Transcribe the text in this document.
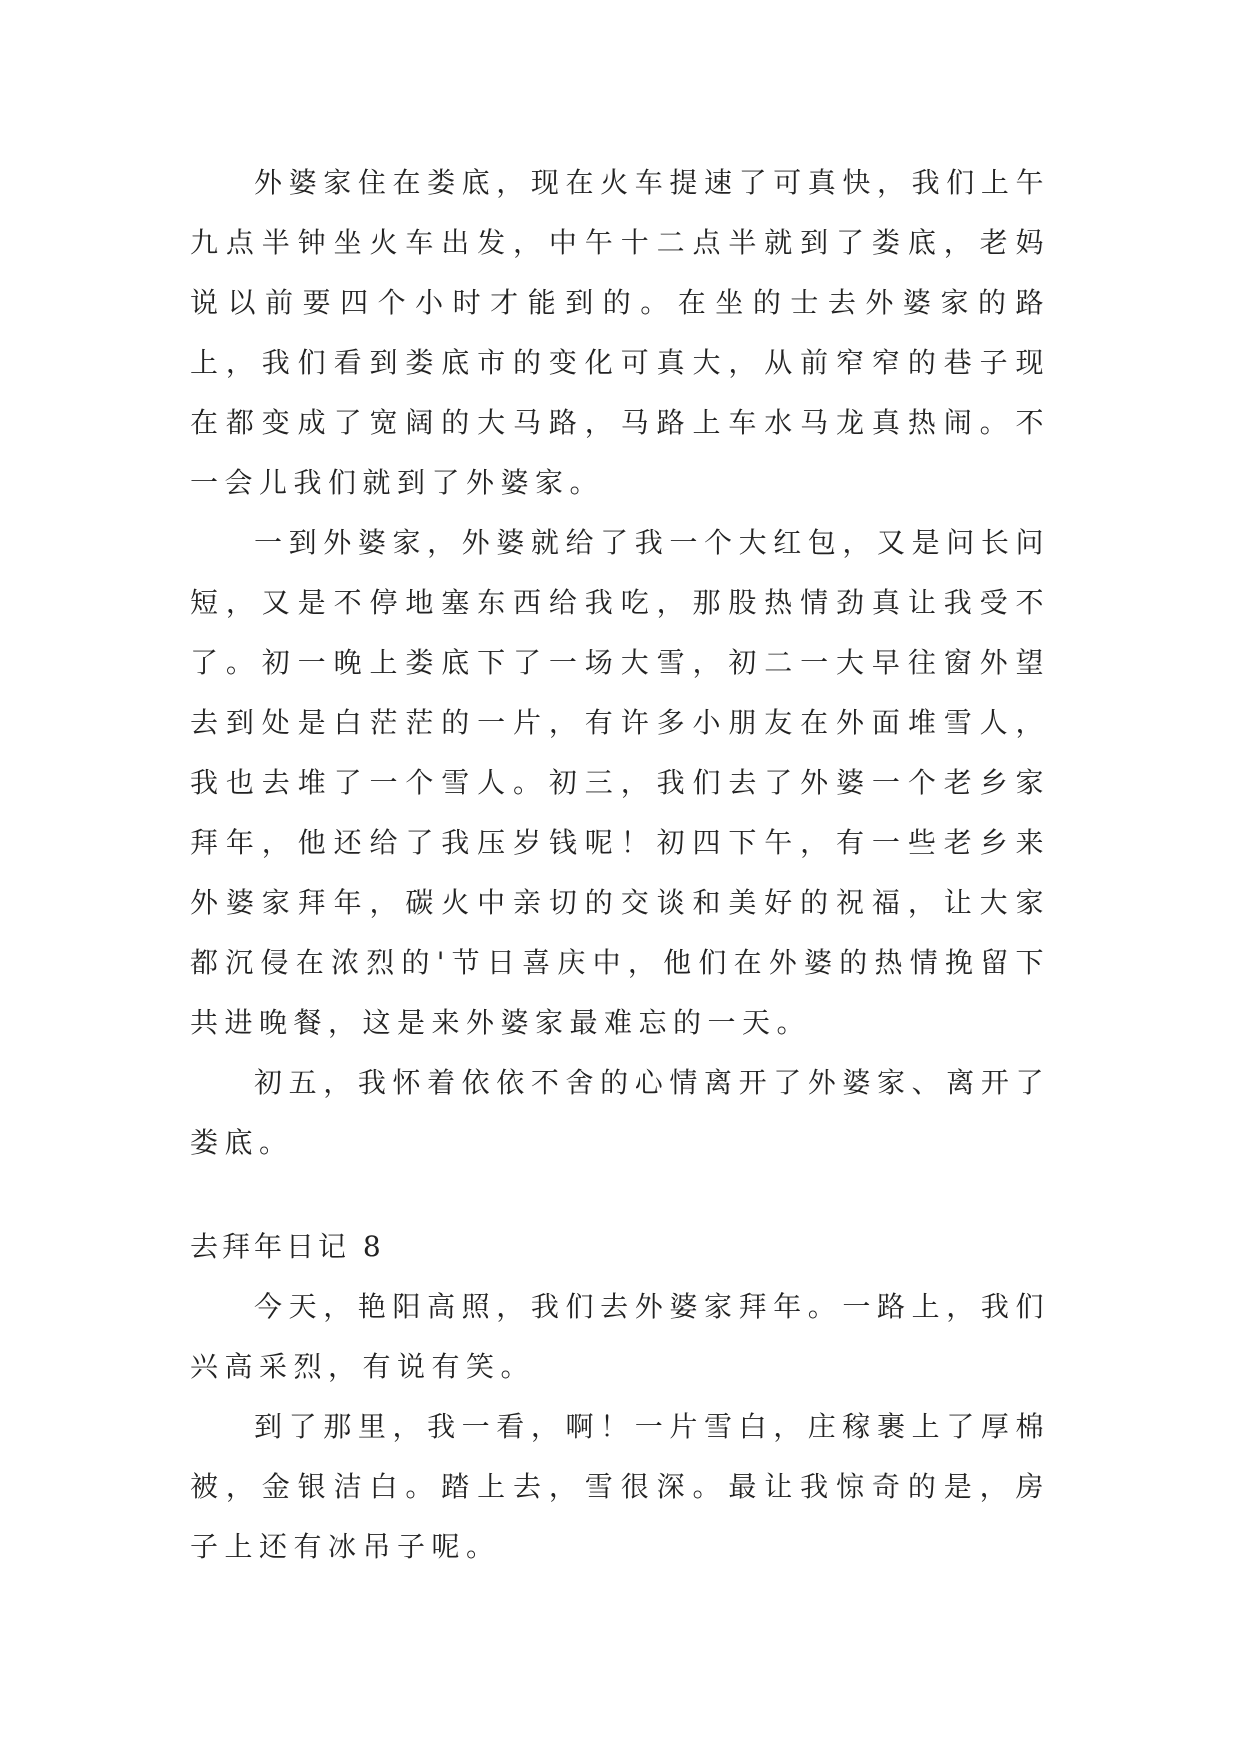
外婆家住在娄底，现在火车提速了可真快，我们上午九点半钟坐火车出发，中午十二点半就到了娄底，老妈说以前要四个小时才能到的。在坐的士去外婆家的路上，我们看到娄底市的变化可真大，从前窄窄的巷子现在都变成了宽阔的大马路，马路上车水马龙真热闹。不一会儿我们就到了外婆家。

一到外婆家，外婆就给了我一个大红包，又是问长问短，又是不停地塞东西给我吃，那股热情劲真让我受不了。初一晚上娄底下了一场大雪，初二一大早往窗外望去到处是白茫茫的一片，有许多小朋友在外面堆雪人，我也去堆了一个雪人。初三，我们去了外婆一个老乡家拜年，他还给了我压岁钱呢！初四下午，有一些老乡来外婆家拜年，碳火中亲切的交谈和美好的祝福，让大家都沉侵在浓烈的'节日喜庆中，他们在外婆的热情挽留下共进晚餐，这是来外婆家最难忘的一天。

初五，我怀着依依不舍的心情离开了外婆家、离开了娄底。

去拜年日记 8

今天，艳阳高照，我们去外婆家拜年。一路上，我们兴高采烈，有说有笑。

到了那里，我一看，啊！一片雪白，庄稼裹上了厚棉被，金银洁白。踏上去，雪很深。最让我惊奇的是，房子上还有冰吊子呢。
